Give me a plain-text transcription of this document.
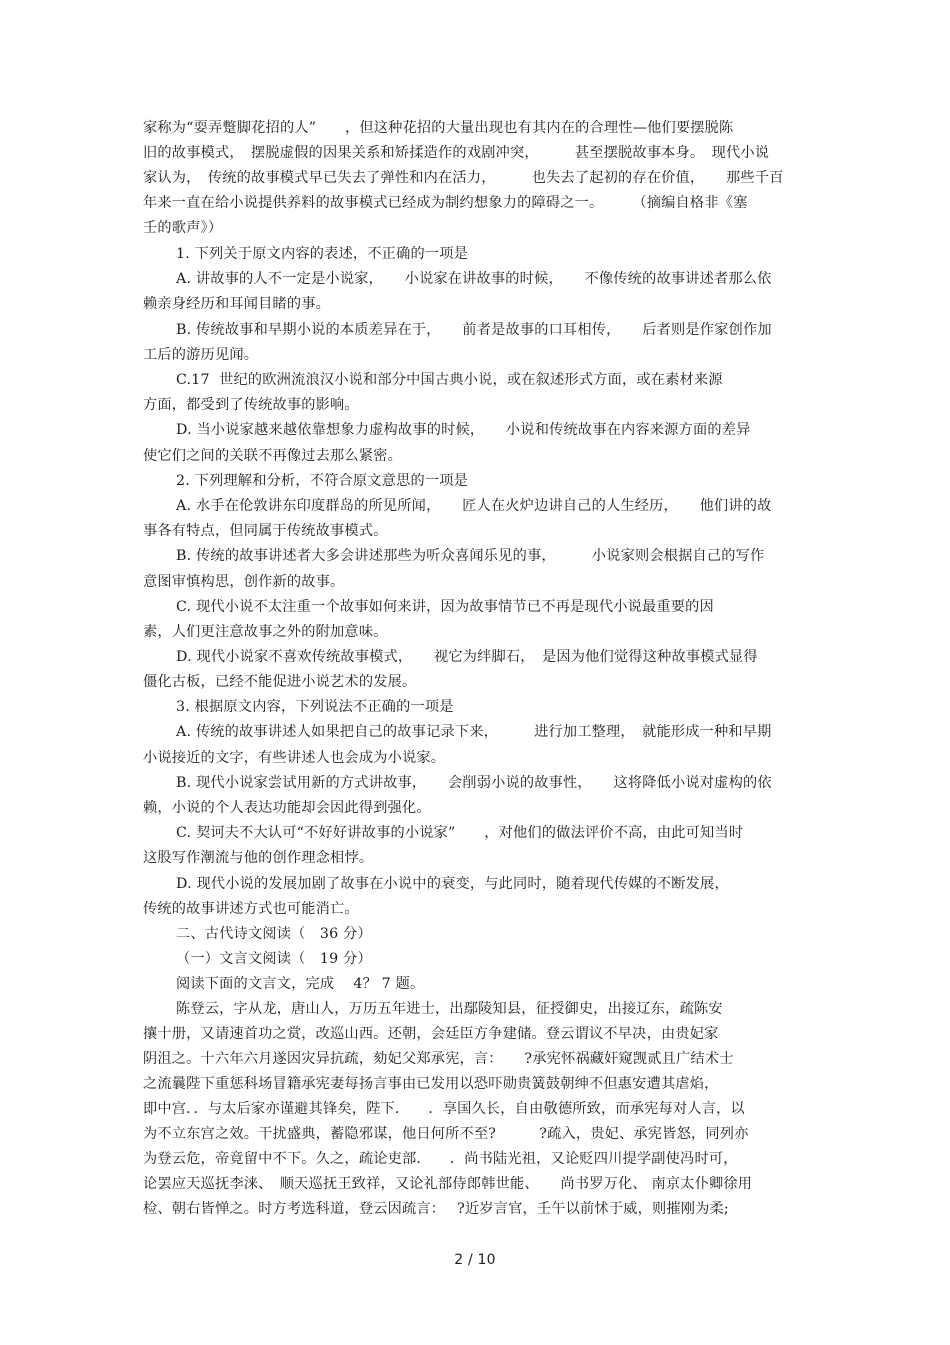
家称为“耍弄蹩脚花招的人”　　，但这种花招的大量出现也有其内在的合理性—他们要摆脱陈
旧的故事模式，　摆脱虚假的因果关系和矫揉造作的戏剧冲突，　　　甚至摆脱故事本身。　现代小说
家认为，　传统的故事模式早已失去了弹性和内在活力，　　　也失去了起初的存在价值，　　那些千百
年来一直在给小说提供养料的故事模式已经成为制约想象力的障碍之一。　　　（摘编自格非《塞
壬的歌声》）
1. 下列关于原文内容的表述，不正确的一项是
A. 讲故事的人不一定是小说家，　　小说家在讲故事的时候，　　不像传统的故事讲述者那么依
赖亲身经历和耳闻目睹的事。
B. 传统故事和早期小说的本质差异在于，　　前者是故事的口耳相传，　　后者则是作家创作加
工后的游历见闻。
C.17  世纪的欧洲流浪汉小说和部分中国古典小说，或在叙述形式方面，或在素材来源
方面，都受到了传统故事的影响。
D. 当小说家越来越依靠想象力虚构故事的时候，　　小说和传统故事在内容来源方面的差异
使它们之间的关联不再像过去那么紧密。
2. 下列理解和分析，不符合原文意思的一项是
A. 水手在伦敦讲东印度群岛的所见所闻，　　匠人在火炉边讲自己的人生经历，　　他们讲的故
事各有特点，但同属于传统故事模式。
B. 传统的故事讲述者大多会讲述那些为听众喜闻乐见的事，　　　小说家则会根据自己的写作
意图审慎构思，创作新的故事。
C. 现代小说不太注重一个故事如何来讲，因为故事情节已不再是现代小说最重要的因
素，人们更注意故事之外的附加意味。
D. 现代小说家不喜欢传统故事模式，　　视它为绊脚石，　是因为他们觉得这种故事模式显得
僵化古板，已经不能促进小说艺术的发展。
3. 根据原文内容，下列说法不正确的一项是
A. 传统的故事讲述人如果把自己的故事记录下来，　　　进行加工整理，　就能形成一种和早期
小说接近的文字，有些讲述人也会成为小说家。
B. 现代小说家尝试用新的方式讲故事，　　会削弱小说的故事性，　　这将降低小说对虚构的依
赖，小说的个人表达功能却会因此得到强化。
C. 契诃夫不大认可“不好好讲故事的小说家”　　，对他们的做法评价不高，由此可知当时
这股写作潮流与他的创作理念相悖。
D. 现代小说的发展加剧了故事在小说中的衰变，与此同时，随着现代传媒的不断发展，
传统的故事讲述方式也可能消亡。
二、古代诗文阅读（　36 分）
（一）文言文阅读（　19 分）
阅读下面的文言文，完成　 4？ 7 题。
陈登云，字从龙，唐山人，万历五年进士，出鄢陵知县，征授御史，出接辽东，疏陈安
攘十册，又请速首功之赏，改巡山西。还朝，会廷臣方争建储。登云谓议不早决，由贵妃家
阴沮之。十六年六月遂因灾异抗疏，劾妃父郑承宪，言：　　?承宪怀祸藏奸窥觊贰且广结术士
之流曩陛下重惩科场冒籍承宪妻每扬言事由已发用以恐吓勋贵簧鼓朝绅不但惠安遭其虐焰，
即中宫．．与太后家亦谨避其锋矣，陛下.　　．享国久长，自由敬德所致，而承宪每对人言，以
为不立东宫之效。干扰盛典，蓄隐邪谋，他日何所不至?　　　?疏入，贵妃、承宪皆怒，同列亦
为登云危，帝竟留中不下。久之，疏论吏部.　　．尚书陆光祖，又论贬四川提学副使冯时可，
论罢应天巡抚李涞、　顺天巡抚王致祥，又论礼部侍郎韩世能、　　尚书罗万化、 南京太仆卿徐用
检、朝右皆惮之。时方考选科道，登云因疏言：　 ?近岁言官，壬午以前怵于威，则摧刚为柔;
2 / 10
